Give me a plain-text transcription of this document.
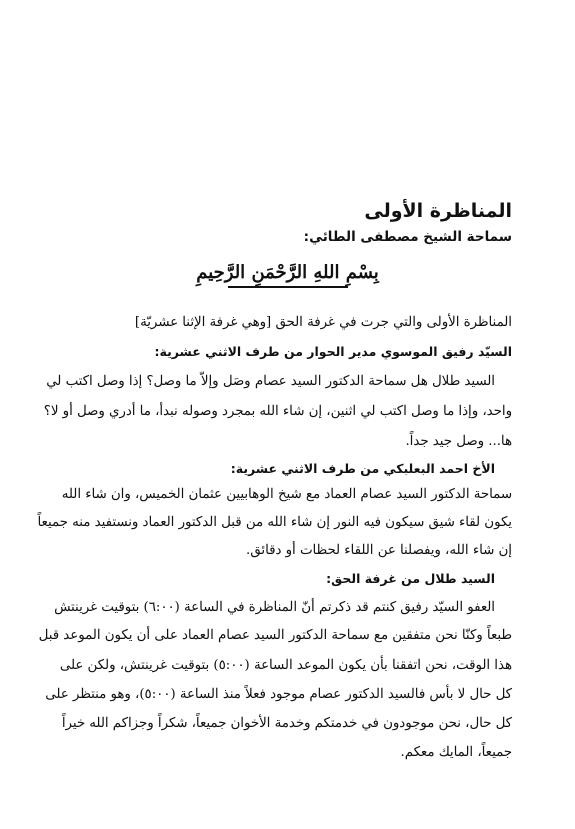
المناظرة الأولى
سماحة الشيخ مصطفى الطائي:
بِسْمِ اللهِ الرَّحْمَنِ الرَّحِيمِ

المناظرة الأولى والتي جرت في غرفة الحق [وهي غرفة الإثنا عشريّة]

السيّد رفيق الموسوي مدير الحوار من طرف الاثني عشرية:

السيد طلال هل سماحة الدكتور السيد عصام وصَل وإلاّ ما وصل؟ إذا وصل اكتب لي

واحد، وإذا ما وصل اكتب لي اثنين، إن شاء الله بمجرد وصوله نبدأ، ما أدري وصل أو لا؟

ها... وصل جيد جداً.

الأخ احمد البعلبكي من طرف الاثني عشرية:

سماحة الدكتور السيد عصام العماد مع شيخ الوهابيين عثمان الخميس، وان شاء الله

يكون لقاء شيق سيكون فيه النور إن شاء الله من قبل الدكتور العماد ونستفيد منه جميعاً

إن شاء الله، ويفصلنا عن اللقاء لحظات أو دقائق.

السيد طلال من غرفة الحق:

العفو السيّد رفيق كنتم قد ذكرتم أنّ المناظرة في الساعة (٦:٠٠) بتوقيت غرينتش

طبعاً وكنّا نحن متفقين مع سماحة الدكتور السيد عصام العماد على أن يكون الموعد قبل

هذا الوقت، نحن اتفقنا بأن يكون الموعد الساعة (٥:٠٠) بتوقيت غرينتش، ولكن على

كل حال لا بأس فالسيد الدكتور عصام موجود فعلاً منذ الساعة (٥:٠٠)، وهو منتظر على

كل حال، نحن موجودون في خدمتكم وخدمة الأخوان جميعاً، شكراً وجزاكم الله خيراً

جميعاً، المايك معكم.
